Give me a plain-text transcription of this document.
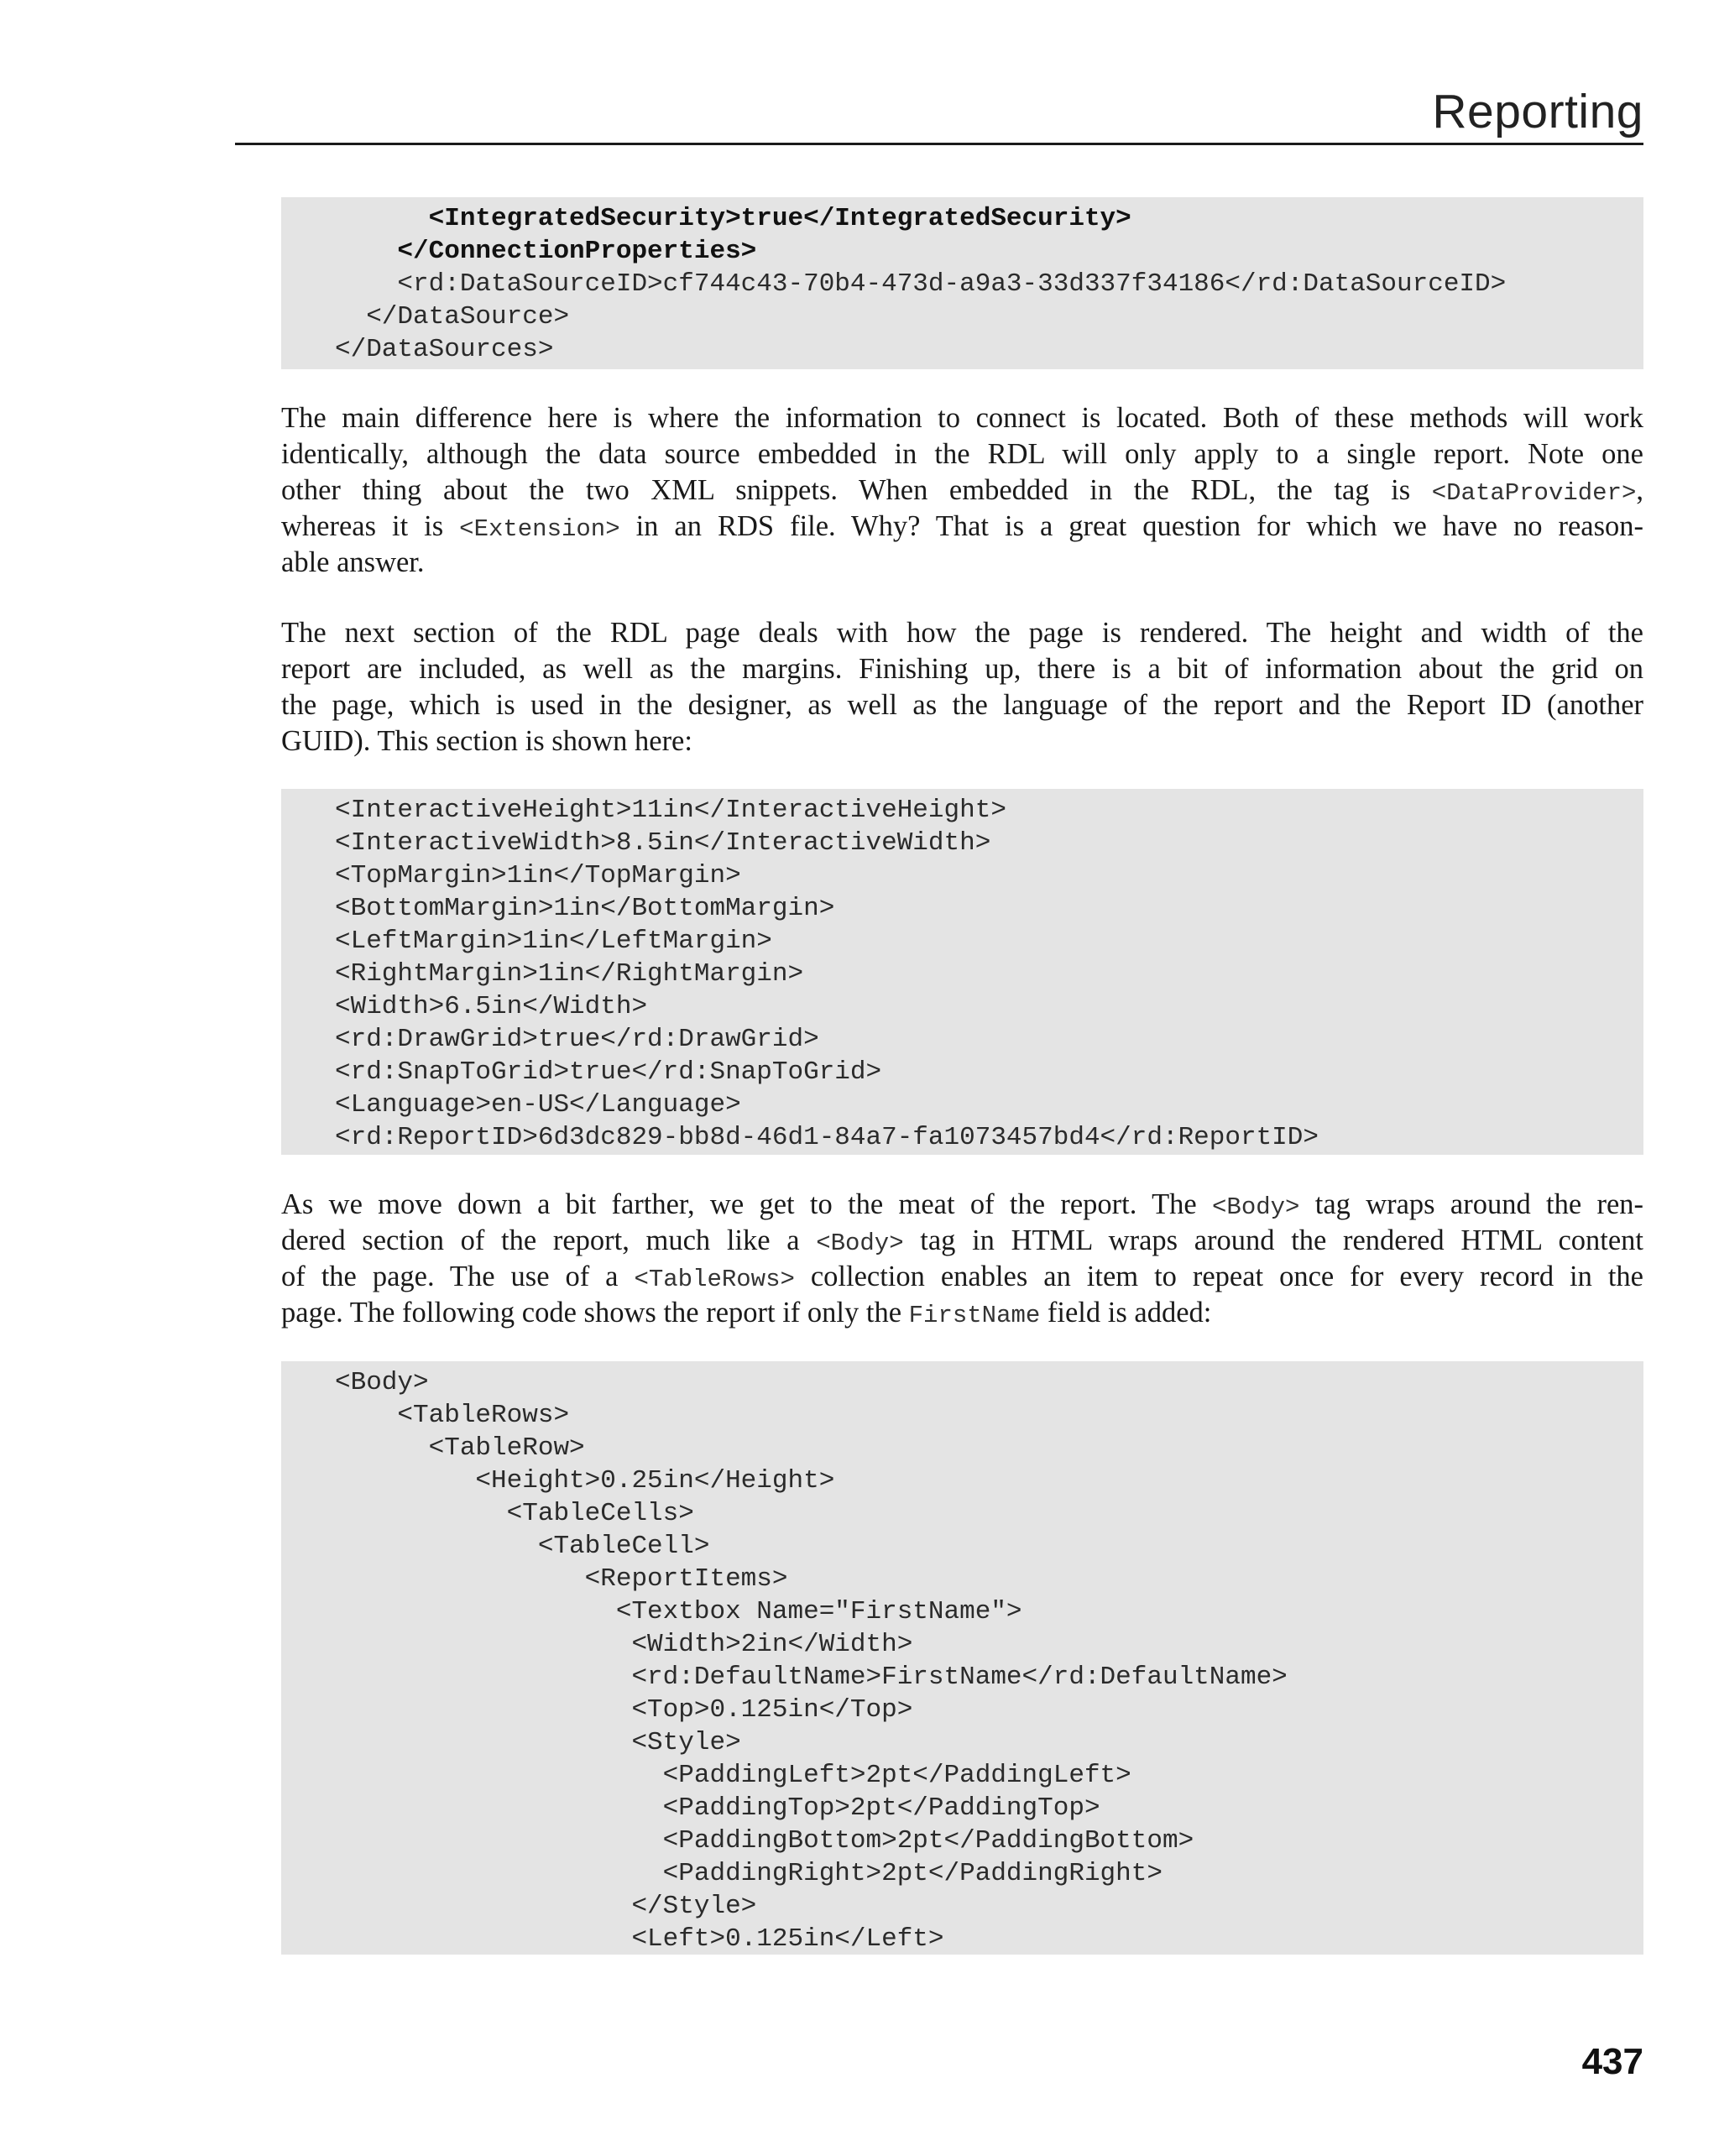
Reporting
<IntegratedSecurity>true</IntegratedSecurity>
</ConnectionProperties>
<rd:DataSourceID>cf744c43-70b4-473d-a9a3-33d337f34186</rd:DataSourceID>
</DataSource>
</DataSources>
The main difference here is where the information to connect is located. Both of these methods will work
identically, although the data source embedded in the RDL will only apply to a single report. Note one
other thing about the two XML snippets. When embedded in the RDL, the tag is <DataProvider>,
whereas it is <Extension> in an RDS file. Why? That is a great question for which we have no reason-
able answer.
The next section of the RDL page deals with how the page is rendered. The height and width of the
report are included, as well as the margins. Finishing up, there is a bit of information about the grid on
the page, which is used in the designer, as well as the language of the report and the Report ID (another
GUID). This section is shown here:
<InteractiveHeight>11in</InteractiveHeight>
<InteractiveWidth>8.5in</InteractiveWidth>
<TopMargin>1in</TopMargin>
<BottomMargin>1in</BottomMargin>
<LeftMargin>1in</LeftMargin>
<RightMargin>1in</RightMargin>
<Width>6.5in</Width>
<rd:DrawGrid>true</rd:DrawGrid>
<rd:SnapToGrid>true</rd:SnapToGrid>
<Language>en-US</Language>
<rd:ReportID>6d3dc829-bb8d-46d1-84a7-fa1073457bd4</rd:ReportID>
As we move down a bit farther, we get to the meat of the report. The <Body> tag wraps around the ren-
dered section of the report, much like a <Body> tag in HTML wraps around the rendered HTML content
of the page. The use of a <TableRows> collection enables an item to repeat once for every record in the
page. The following code shows the report if only the FirstName field is added:
<Body>
<TableRows>
<TableRow>
<Height>0.25in</Height>
<TableCells>
<TableCell>
<ReportItems>
<Textbox Name="FirstName">
<Width>2in</Width>
<rd:DefaultName>FirstName</rd:DefaultName>
<Top>0.125in</Top>
<Style>
<PaddingLeft>2pt</PaddingLeft>
<PaddingTop>2pt</PaddingTop>
<PaddingBottom>2pt</PaddingBottom>
<PaddingRight>2pt</PaddingRight>
</Style>
<Left>0.125in</Left>
437
